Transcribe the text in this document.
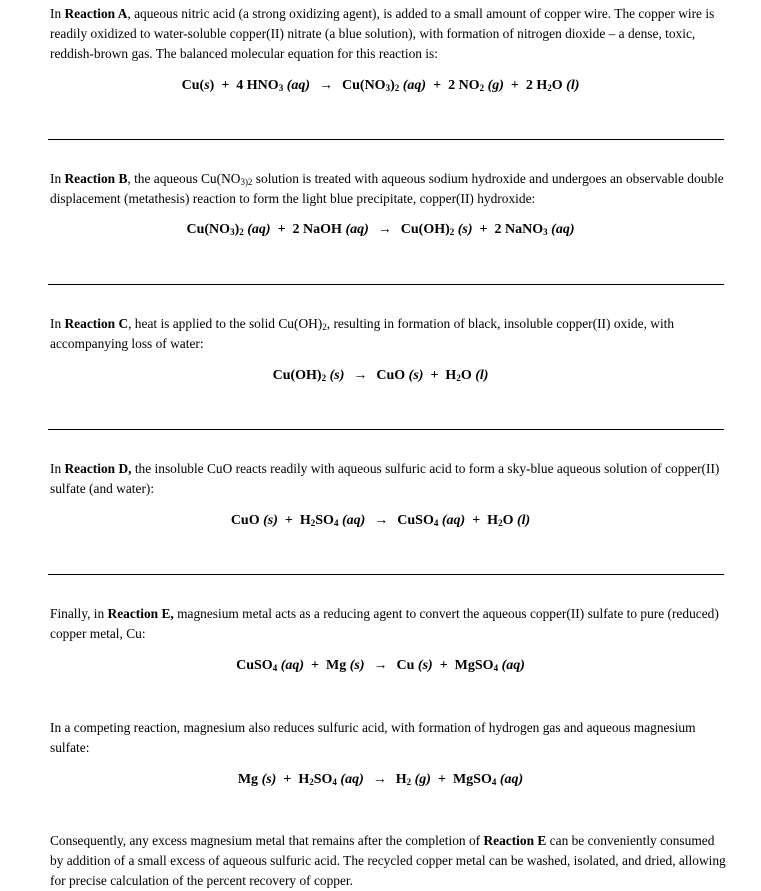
In Reaction A, aqueous nitric acid (a strong oxidizing agent), is added to a small amount of copper wire. The copper wire is readily oxidized to water-soluble copper(II) nitrate (a blue solution), with formation of nitrogen dioxide – a dense, toxic, reddish-brown gas. The balanced molecular equation for this reaction is:

Cu(s) + 4 $HNO_3$ $(aq) \to Cu(NO_3)_2$ (aq) + 2 $NO_2$ (g) + 2 $H_2O$ (l)

In Reaction B, the aqueous $Cu(NO_{3)2}$ solution is treated with aqueous sodium hydroxide and undergoes an observable double displacement (metathesis) reaction to form the light blue precipitate, copper(II) hydroxide:

$Cu(NO_3)_2$ (aq) + 2 NaOH $(aq) \to Cu(OH)_2$ (s) + 2 NaNO$_3$ (aq)

In Reaction C, heat is applied to the solid $Cu(OH)_2$, resulting in formation of black, insoluble copper(II) oxide, with accompanying loss of water:

$Cu(OH)_2$ (s) → CuO $(s) + H_2O$ (l)

In Reaction D, the insoluble CuO reacts readily with aqueous sulfuric acid to form a sky-blue aqueous solution of copper(II) sulfate (and water):

CuO $(s) + H_2SO_4$ (aq) → CuSO$_4$ $(aq) + H_2O$ (l)

Finally, in Reaction E, magnesium metal acts as a reducing agent to convert the aqueous copper(II) sulfate to pure (reduced) copper metal, Cu:

CuSO$_4$ (aq) + Mg (s) → Cu (s) + MgSO$_4$ (aq)

In a competing reaction, magnesium also reduces sulfuric acid, with formation of hydrogen gas and aqueous magnesium sulfate:

Mg $(s) + H_2SO_4$ $(aq) \to H_2$ (g) + MgSO$_4$ (aq)

Consequently, any excess magnesium metal that remains after the completion of Reaction E can be conveniently consumed by addition of a small excess of aqueous sulfuric acid. The recycled copper metal can be washed, isolated, and dried, allowing for precise calculation of the percent recovery of copper.
